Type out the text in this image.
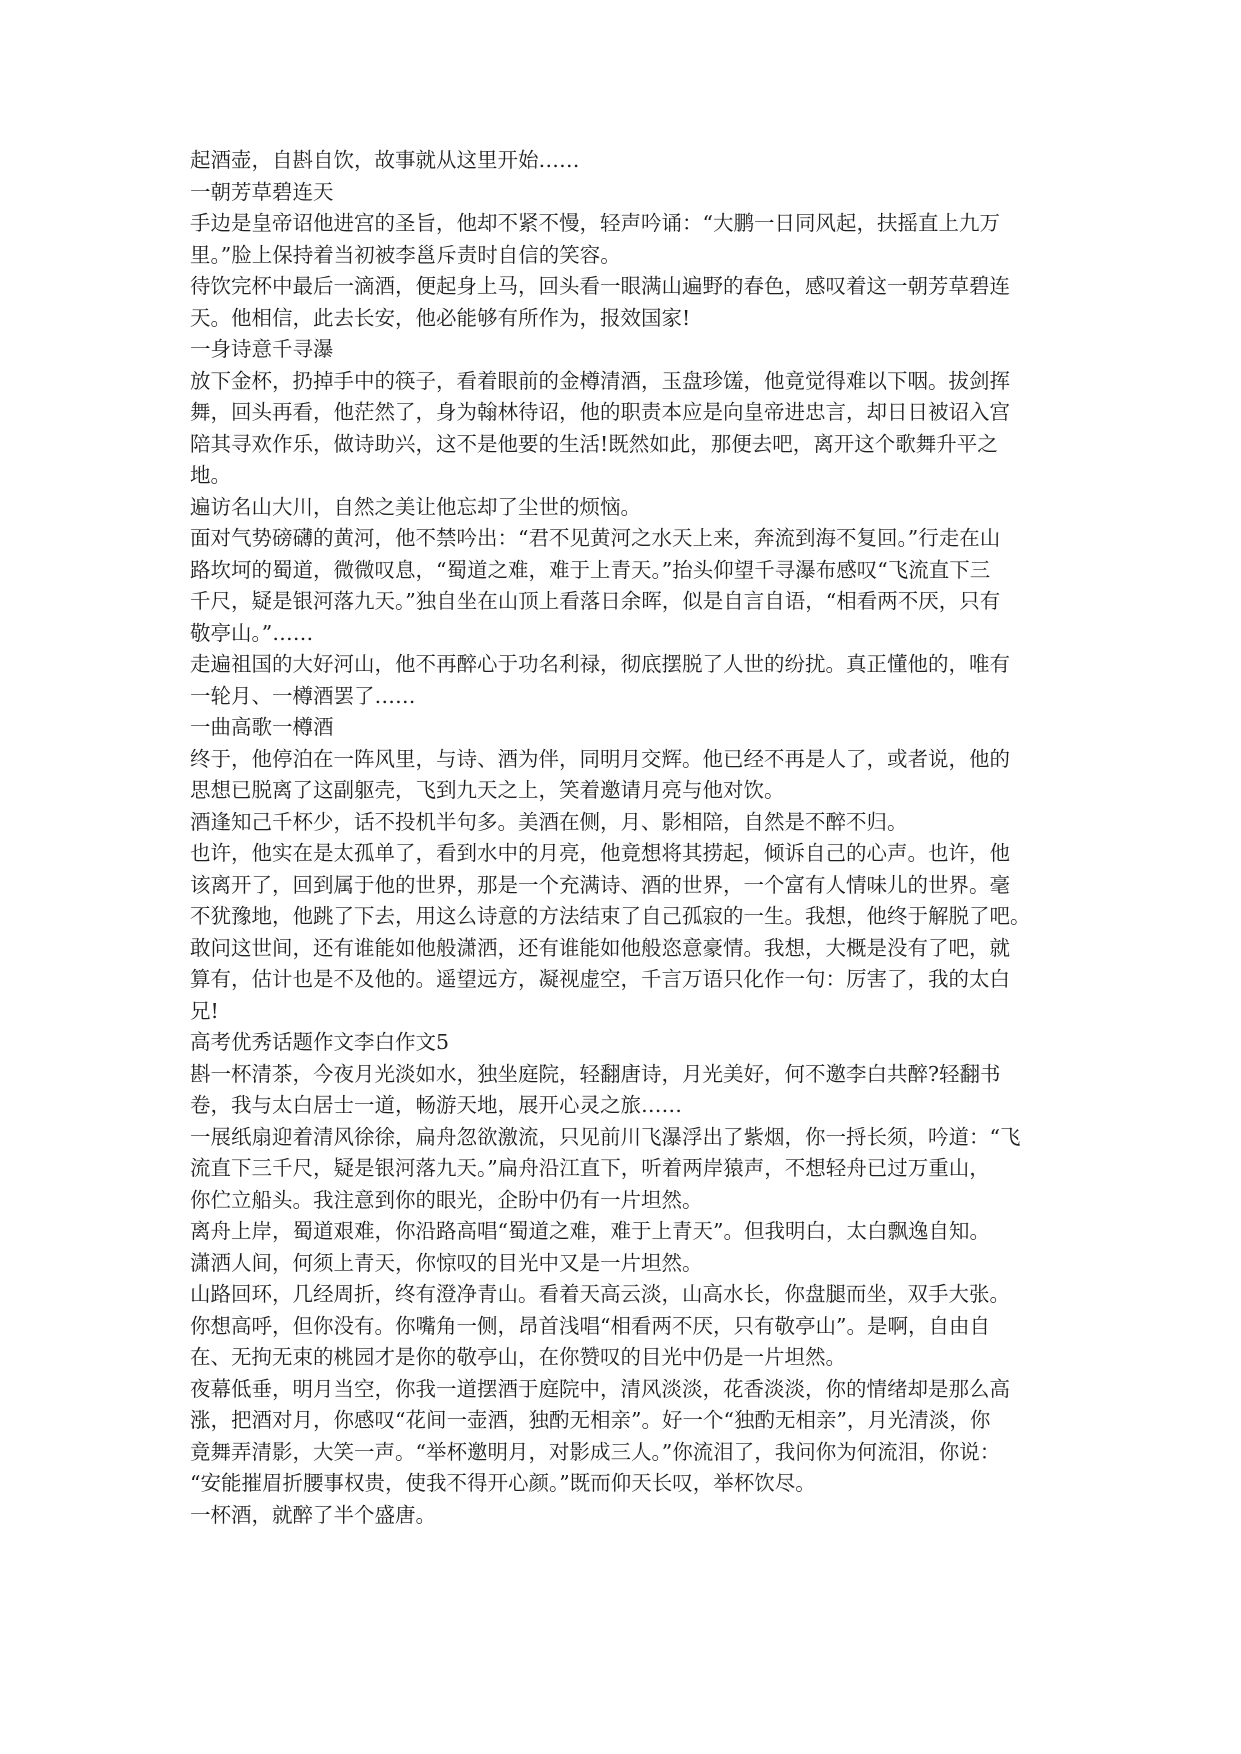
起酒壶，自斟自饮，故事就从这里开始……

一朝芳草碧连天

手边是皇帝诏他进宫的圣旨，他却不紧不慢，轻声吟诵：“大鹏一日同风起，扶摇直上九万

里。”脸上保持着当初被李邕斥责时自信的笑容。

待饮完杯中最后一滴酒，便起身上马，回头看一眼满山遍野的春色，感叹着这一朝芳草碧连

天。他相信，此去长安，他必能够有所作为，报效国家!

一身诗意千寻瀑

放下金杯，扔掉手中的筷子，看着眼前的金樽清酒，玉盘珍馐，他竟觉得难以下咽。拔剑挥

舞，回头再看，他茫然了，身为翰林待诏，他的职责本应是向皇帝进忠言，却日日被诏入宫

陪其寻欢作乐，做诗助兴，这不是他要的生活!既然如此，那便去吧，离开这个歌舞升平之

地。

遍访名山大川，自然之美让他忘却了尘世的烦恼。

面对气势磅礴的黄河，他不禁吟出：“君不见黄河之水天上来，奔流到海不复回。”行走在山

路坎坷的蜀道，微微叹息，“蜀道之难，难于上青天。”抬头仰望千寻瀑布感叹“飞流直下三

千尺，疑是银河落九天。”独自坐在山顶上看落日余晖，似是自言自语，“相看两不厌，只有

敬亭山。”……

走遍祖国的大好河山，他不再醉心于功名利禄，彻底摆脱了人世的纷扰。真正懂他的，唯有

一轮月、一樽酒罢了……

一曲高歌一樽酒

终于，他停泊在一阵风里，与诗、酒为伴，同明月交辉。他已经不再是人了，或者说，他的

思想已脱离了这副躯壳，飞到九天之上，笑着邀请月亮与他对饮。

酒逢知己千杯少，话不投机半句多。美酒在侧，月、影相陪，自然是不醉不归。

也许，他实在是太孤单了，看到水中的月亮，他竟想将其捞起，倾诉自己的心声。也许，他

该离开了，回到属于他的世界，那是一个充满诗、酒的世界，一个富有人情味儿的世界。毫

不犹豫地，他跳了下去，用这么诗意的方法结束了自己孤寂的一生。我想，他终于解脱了吧。

敢问这世间，还有谁能如他般潇洒，还有谁能如他般恣意豪情。我想，大概是没有了吧，就

算有，估计也是不及他的。遥望远方，凝视虚空，千言万语只化作一句：厉害了，我的太白

兄!

高考优秀话题作文李白作文5

斟一杯清茶，今夜月光淡如水，独坐庭院，轻翻唐诗，月光美好，何不邀李白共醉?轻翻书

卷，我与太白居士一道，畅游天地，展开心灵之旅……

一展纸扇迎着清风徐徐，扁舟忽欲激流，只见前川飞瀑浮出了紫烟，你一捋长须，吟道：“飞

流直下三千尺，疑是银河落九天。”扁舟沿江直下，听着两岸猿声，不想轻舟已过万重山，

你伫立船头。我注意到你的眼光，企盼中仍有一片坦然。

离舟上岸，蜀道艰难，你沿路高唱“蜀道之难，难于上青天”。但我明白，太白飘逸自知。

潇洒人间，何须上青天，你惊叹的目光中又是一片坦然。

山路回环，几经周折，终有澄净青山。看着天高云淡，山高水长，你盘腿而坐，双手大张。

你想高呼，但你没有。你嘴角一侧，昂首浅唱“相看两不厌，只有敬亭山”。是啊，自由自

在、无拘无束的桃园才是你的敬亭山，在你赞叹的目光中仍是一片坦然。

夜幕低垂，明月当空，你我一道摆酒于庭院中，清风淡淡，花香淡淡，你的情绪却是那么高

涨，把酒对月，你感叹“花间一壶酒，独酌无相亲”。好一个“独酌无相亲”，月光清淡，你

竟舞弄清影，大笑一声。“举杯邀明月，对影成三人。”你流泪了，我问你为何流泪，你说：

“安能摧眉折腰事权贵，使我不得开心颜。”既而仰天长叹，举杯饮尽。

一杯酒，就醉了半个盛唐。
